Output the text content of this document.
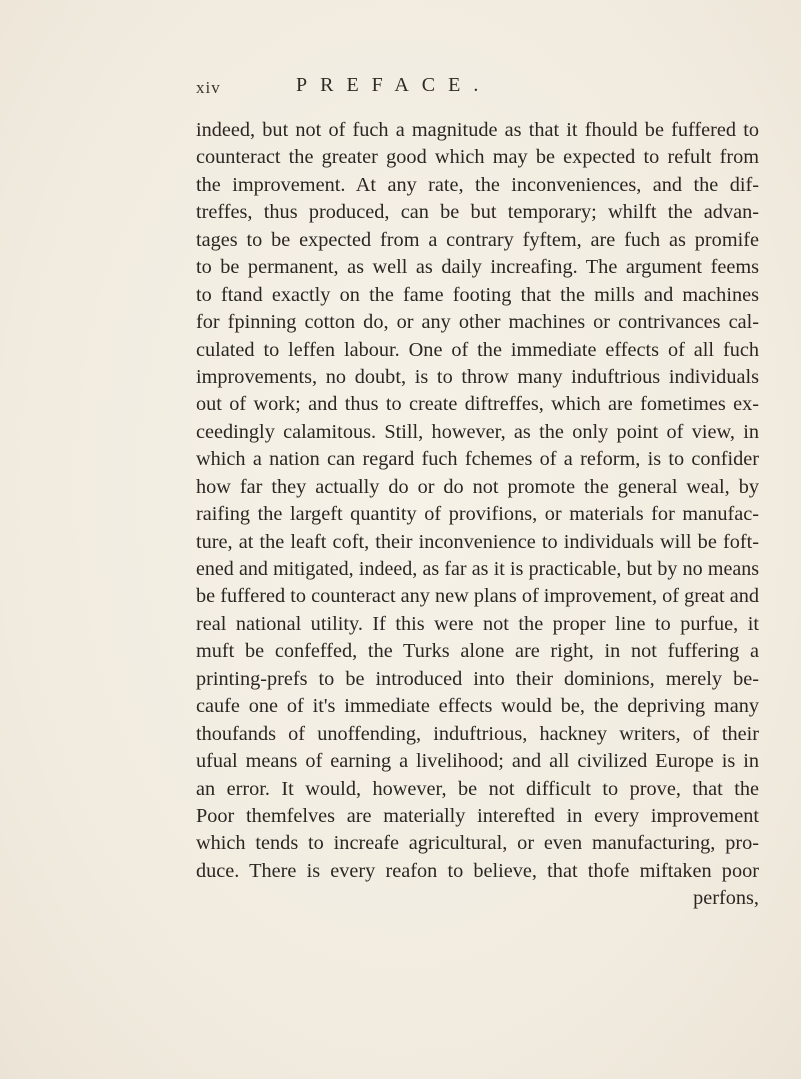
xiv	PREFACE.
indeed, but not of fuch a magnitude as that it fhould be fuffered to
counteract the greater good which may be expected to refult from
the improvement. At any rate, the inconveniences, and the dif-
treffes, thus produced, can be but temporary; whilft the advan-
tages to be expected from a contrary fyftem, are fuch as promife
to be permanent, as well as daily increafing. The argument feems
to ftand exactly on the fame footing that the mills and machines
for fpinning cotton do, or any other machines or contrivances cal-
culated to leffen labour. One of the immediate effects of all fuch
improvements, no doubt, is to throw many induftrious individuals
out of work; and thus to create diftreffes, which are fometimes ex-
ceedingly calamitous. Still, however, as the only point of view, in
which a nation can regard fuch fchemes of a reform, is to confider
how far they actually do or do not promote the general weal, by
raifing the largeft quantity of provifions, or materials for manufac-
ture, at the leaft coft, their inconvenience to individuals will be foft-
ened and mitigated, indeed, as far as it is practicable, but by no means
be fuffered to counteract any new plans of improvement, of great and
real national utility. If this were not the proper line to purfue, it
muft be confeffed, the Turks alone are right, in not fuffering a
printing-prefs to be introduced into their dominions, merely be-
caufe one of it's immediate effects would be, the depriving many
thoufands of unoffending, induftrious, hackney writers, of their
ufual means of earning a livelihood; and all civilized Europe is in
an error. It would, however, be not difficult to prove, that the
Poor themfelves are materially interefted in every improvement
which tends to increafe agricultural, or even manufacturing, pro-
duce. There is every reafon to believe, that thofe miftaken poor
perfons,
